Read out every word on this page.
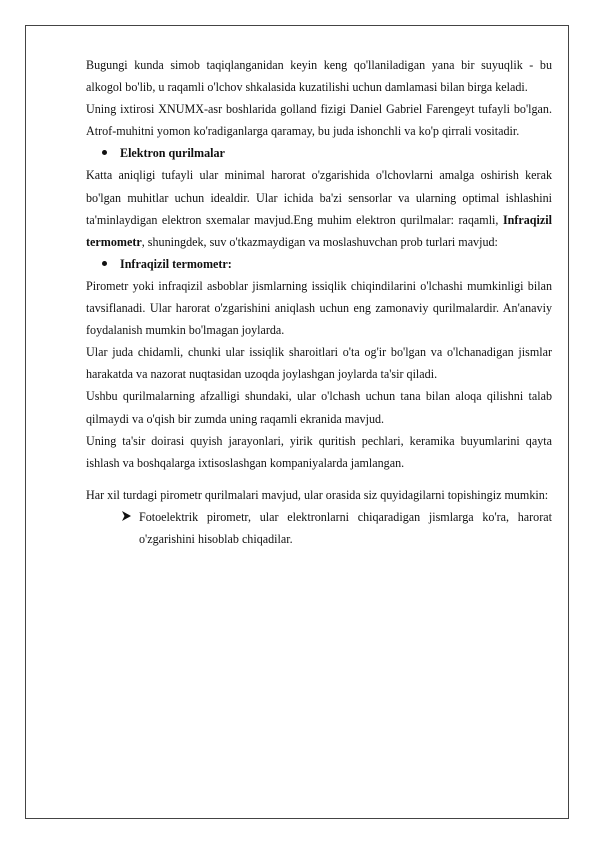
Bugungi kunda simob taqiqlanganidan keyin keng qo'llaniladigan yana bir suyuqlik - bu alkogol bo'lib, u raqamli o'lchov shkalasida kuzatilishi uchun damlamasi bilan birga keladi.

Uning ixtirosi XNUMX-asr boshlarida golland fizigi Daniel Gabriel Farengeyt tufayli bo'lgan. Atrof-muhitni yomon ko'radiganlarga qaramay, bu juda ishonchli va ko'p qirrali vositadir.

Elektron qurilmalar

Katta aniqligi tufayli ular minimal harorat o'zgarishida o'lchovlarni amalga oshirish kerak bo'lgan muhitlar uchun idealdir. Ular ichida ba'zi sensorlar va ularning optimal ishlashini ta'minlaydigan elektron sxemalar mavjud.Eng muhim elektron qurilmalar: raqamli, Infraqizil termometr, shuningdek, suv o'tkazmaydigan va moslashuvchan prob turlari mavjud:

Infraqizil termometr:

Pirometr yoki infraqizil asboblar jismlarning issiqlik chiqindilarini o'lchashi mumkinligi bilan tavsiflanadi. Ular harorat o'zgarishini aniqlash uchun eng zamonaviy qurilmalardir. An'anaviy foydalanish mumkin bo'lmagan joylarda.

Ular juda chidamli, chunki ular issiqlik sharoitlari o'ta og'ir bo'lgan va o'lchanadigan jismlar harakatda va nazorat nuqtasidan uzoqda joylashgan joylarda ta'sir qiladi.

Ushbu qurilmalarning afzalligi shundaki, ular o'lchash uchun tana bilan aloqa qilishni talab qilmaydi va o'qish bir zumda uning raqamli ekranida mavjud.

Uning ta'sir doirasi quyish jarayonlari, yirik quritish pechlari, keramika buyumlarini qayta ishlash va boshqalarga ixtisoslashgan kompaniyalarda jamlangan.

Har xil turdagi pirometr qurilmalari mavjud, ular orasida siz quyidagilarni topishingiz mumkin:

Fotoelektrik pirometr, ular elektronlarni chiqaradigan jismlarga ko'ra, harorat o'zgarishini hisoblab chiqadilar.
